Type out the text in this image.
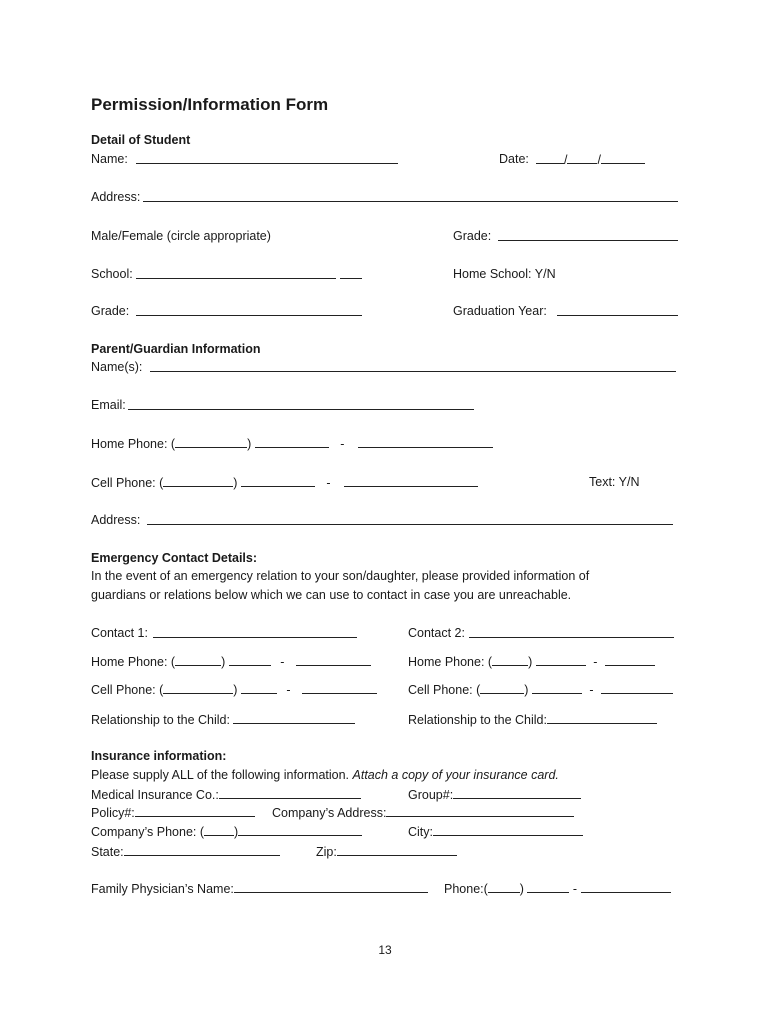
Permission/Information Form
Detail of Student
Name:	Date:	/ /
Address:
Male/Female (circle appropriate)	Grade:
School:	Home School: Y/N
Grade:	Graduation Year:
Parent/Guardian Information
Name(s):
Email:
Home Phone: (	)	-
Cell Phone: (	)	-	Text: Y/N
Address:
Emergency Contact Details:
In the event of an emergency relation to your son/daughter, please provided information of
guardians or relations below which we can use to contact in case you are unreachable.
Contact 1:	Contact 2:
Home Phone: (	)	-	Home Phone: (	)	-
Cell Phone: (	)	-	Cell Phone: (	)	-
Relationship to the Child:	Relationship to the Child:
Insurance information:
Please supply ALL of the following information. Attach a copy of your insurance card.
Medical Insurance Co.:	Group#:
Policy#:	Company’s Address:
Company’s Phone: ( )	City:
State:	Zip:
Family Physician’s Name:	Phone:(	)	-
13
